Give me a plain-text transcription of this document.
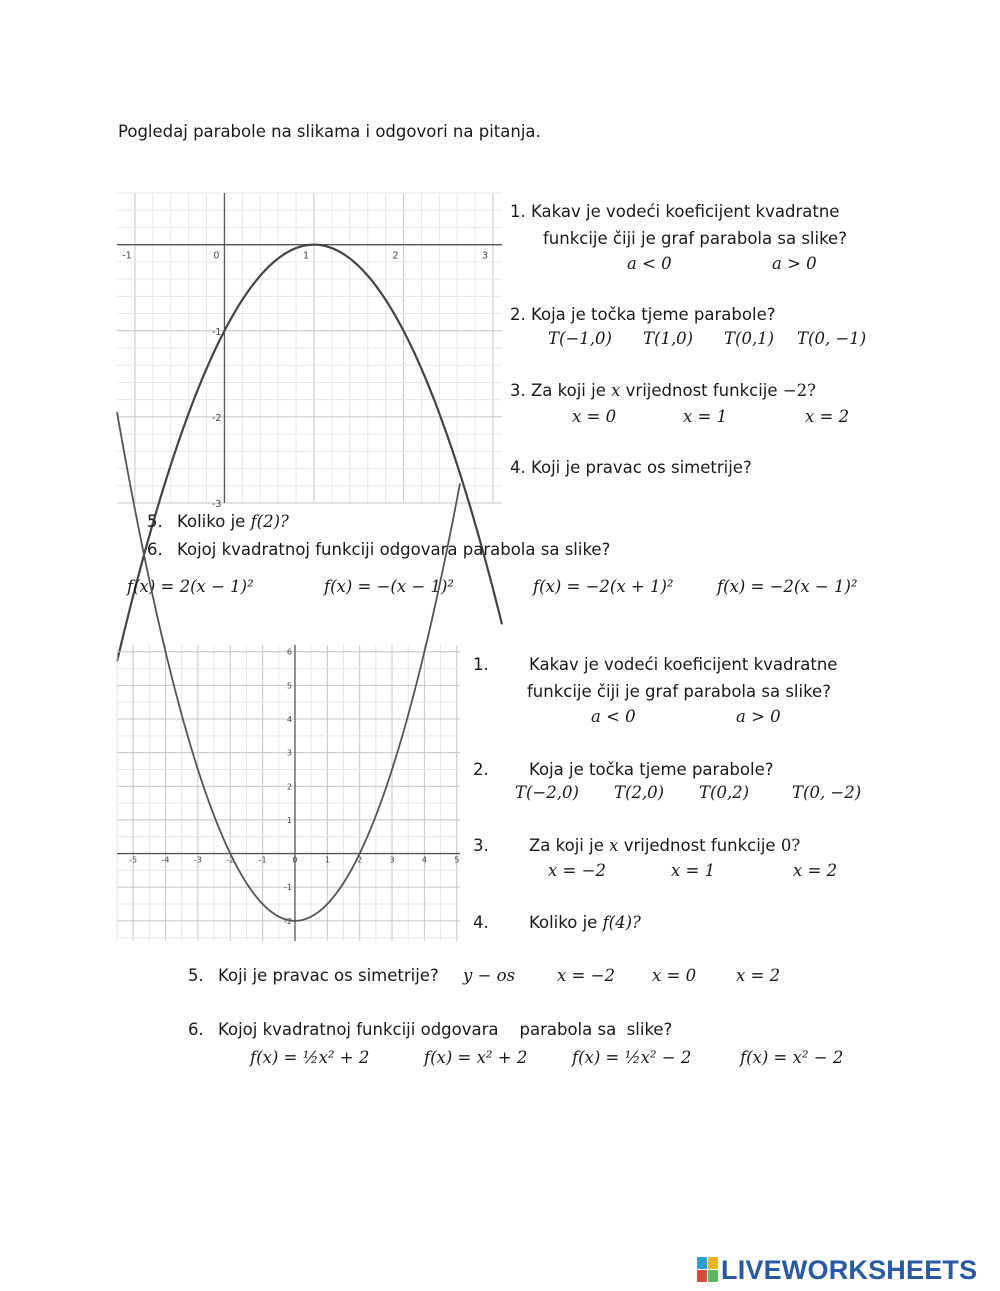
Pogledaj parabole na slikama i odgovori na pitanja.
-1	0	1	2	3
-1
-2
-3
1. Kakav je vodeći koeficijent kvadratne
funkcije čiji je graf parabola sa slike?
a < 0	a > 0
2. Koja je točka tjeme parabole?
T(−1,0) T(1,0) T(0,1) T(0, −1)
3. Za koji je x vrijednost funkcije −2?
x = 0	x = 1	x = 2
4. Koji je pravac os simetrije?
5. Koliko je f(2)?
6. Kojoj kvadratnoj funkciji odgovara parabola sa slike?
f(x) = 2(x − 1)²	f(x) = −(x − 1)²	f(x) = −2(x + 1)²	f(x) = −2(x − 1)²
-5	-4	-3	-2	-1	0	1	2	3	4	5
6
5
4
3
2
1
-1
-2
1. Kakav je vodeći koeficijent kvadratne
funkcije čiji je graf parabola sa slike?
a < 0	a > 0
2. Koja je točka tjeme parabole?
T(−2,0) T(2,0) T(0,2)	T(0, −2)
3. Za koji je x vrijednost funkcije 0?
x = −2	x = 1	x = 2
4. Koliko je f(4)?
5. Koji je pravac os simetrije? y − os	x = −2 x = 0 x = 2
6. Kojoj kvadratnoj funkciji odgovara    parabola sa  slike?
f(x) = ½x² + 2	f(x) = x² + 2	f(x) = ½x² − 2	f(x) = x² − 2
LIVEWORKSHEETS
